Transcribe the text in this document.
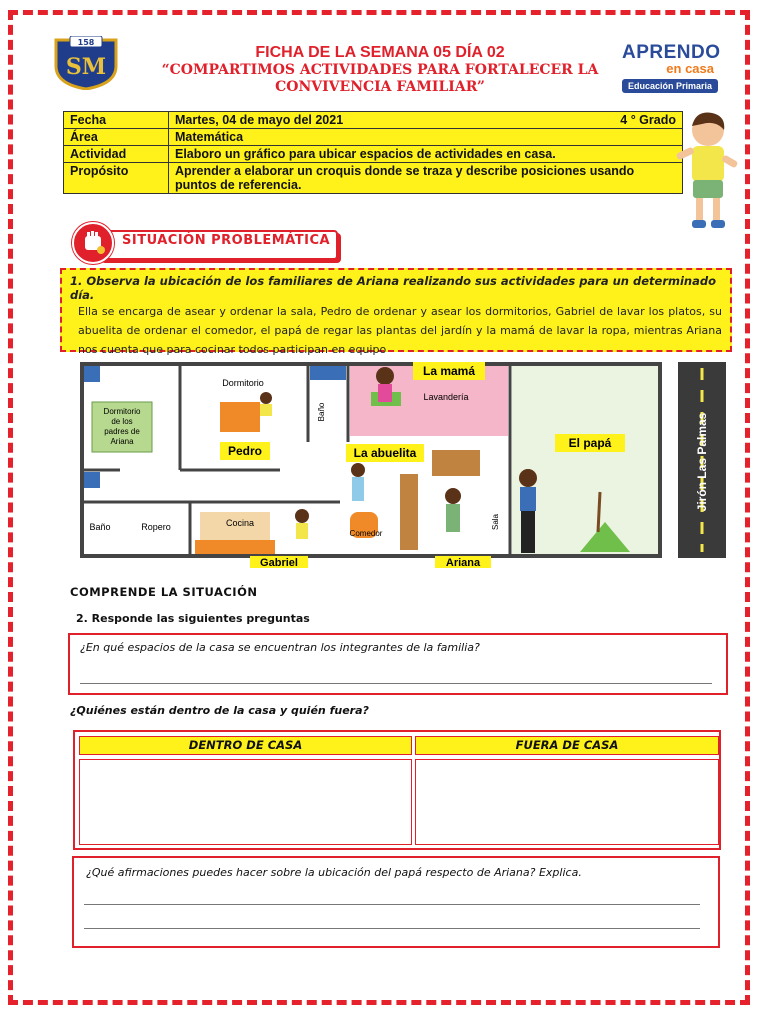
158
SM
FICHA DE LA SEMANA 05 DÍA 02
“COMPARTIMOS ACTIVIDADES PARA FORTALECER LA CONVIVENCIA FAMILIAR”
APRENDO
en casa
Educación Primaria
Fecha	Martes, 04 de mayo del 2021 4 ° Grado

Área	Matemática
Actividad	Elaboro un gráfico para ubicar espacios de actividades en casa.
Propósito	Aprender a elaborar un croquis donde se traza y describe posiciones usando puntos de referencia.
SITUACIÓN PROBLEMÁTICA
1. Observa la ubicación de los familiares de Ariana realizando sus actividades para un determinado día.
Ella se encarga de asear y ordenar la sala, Pedro de ordenar y asear los dormitorios, Gabriel de lavar los platos, su abuelita de ordenar el comedor, el papá de regar las plantas del jardín y la mamá de lavar la ropa, mientras Ariana nos cuenta que para cocinar todos participan en equipo
Dormitorio
Dormitorio de los padres de Ariana
Baño	Ropero	Cocina
Comedor
Lavandería
Baño
Sala
Jirón Las Palmas
La mamá
El papá
La abuelita
Pedro
Gabriel	Ariana
COMPRENDE LA SITUACIÓN
2. Responde las siguientes preguntas
¿En qué espacios de la casa se encuentran los integrantes de la familia?
¿Quiénes están dentro de la casa y quién fuera?
DENTRO DE CASA	FUERA DE CASA
¿Qué afirmaciones puedes hacer sobre la ubicación del papá respecto de Ariana? Explica.
